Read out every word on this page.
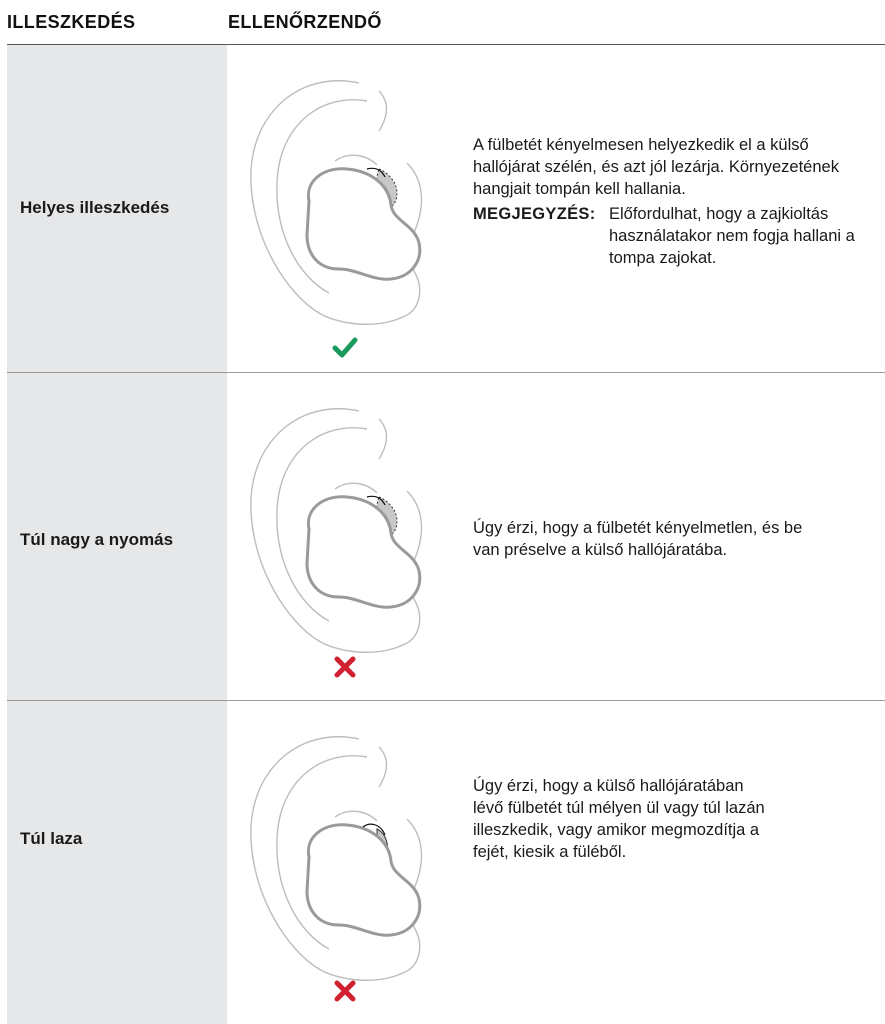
ILLESZKEDÉS	ELLENŐRZENDŐ
Helyes illeszkedés
A fülbetét kényelmesen helyezkedik el a külső hallójárat szélén, és azt jól lezárja. Környezetének hangjait tompán kell hallania.
MEGJEGYZÉS: Előfordulhat, hogy a zajkioltás használatakor nem fogja hallani a tompa zajokat.
Túl nagy a nyomás
Úgy érzi, hogy a fülbetét kényelmetlen, és be van préselve a külső hallójáratába.
Túl laza
Úgy érzi, hogy a külső hallójáratában lévő fülbetét túl mélyen ül vagy túl lazán illeszkedik, vagy amikor megmozdítja a fejét, kiesik a füléből.
